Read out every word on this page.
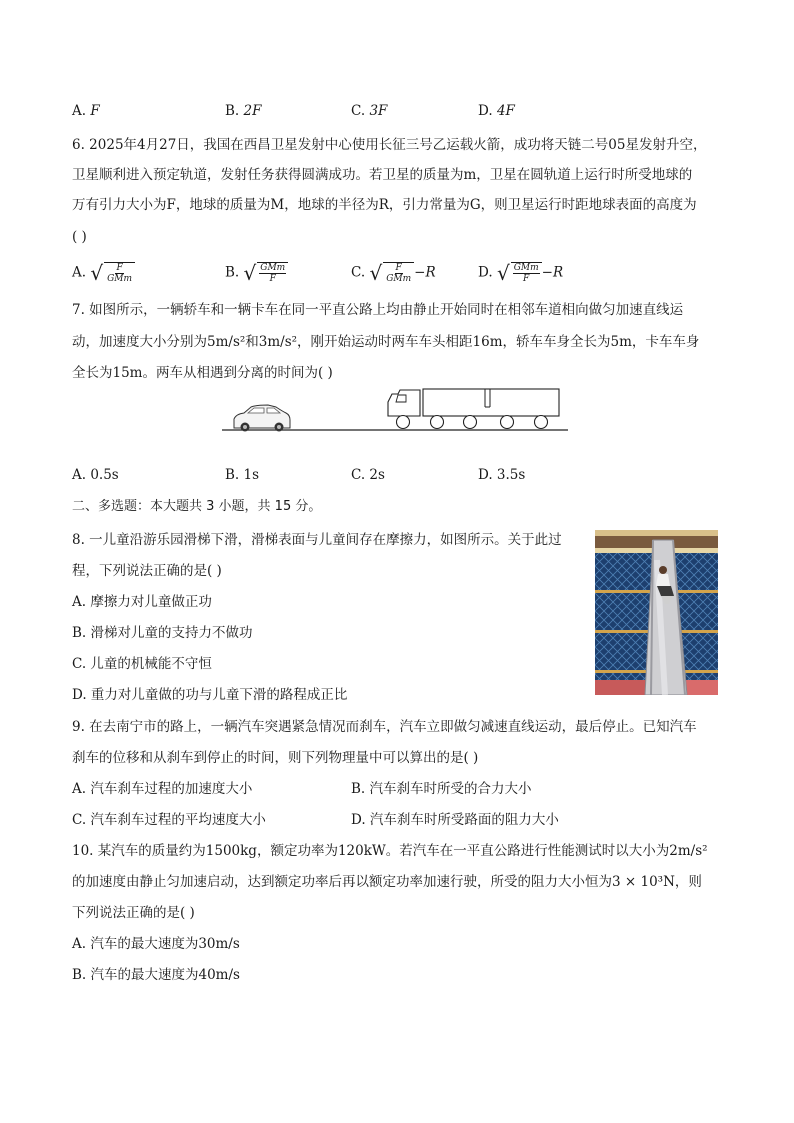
A. F	B. 2F	C. 3F	D. 4F
6. 2025年4月27日，我国在西昌卫星发射中心使用长征三号乙运载火箭，成功将天链二号05星发射升空，
卫星顺利进入预定轨道，发射任务获得圆满成功。若卫星的质量为m，卫星在圆轨道上运行时所受地球的
万有引力大小为F，地球的质量为M，地球的半径为R，引力常量为G，则卫星运行时距地球表面的高度为
( )
A. √ $\frac{F}{\text{GMm}}$	B. √ $\frac{\text{GMm}}{F}$	C. √ $\frac{F}{\text{GMm}} -R$	D. √ $\frac{\text{GMm}}{F} -R$
7. 如图所示，一辆轿车和一辆卡车在同一平直公路上均由静止开始同时在相邻车道相向做匀加速直线运
动，加速度大小分别为5m/s²和3m/s²，刚开始运动时两车车头相距16m，轿车车身全长为5m，卡车车身
全长为15m。两车从相遇到分离的时间为( )
A. 0.5s	B. 1s	C. 2s	D. 3.5s
二、多选题：本大题共 3 小题，共 15 分。
8. 一儿童沿游乐园滑梯下滑，滑梯表面与儿童间存在摩擦力，如图所示。关于此过
程，下列说法正确的是( )
A. 摩擦力对儿童做正功
B. 滑梯对儿童的支持力不做功
C. 儿童的机械能不守恒
D. 重力对儿童做的功与儿童下滑的路程成正比
9. 在去南宁市的路上，一辆汽车突遇紧急情况而刹车，汽车立即做匀减速直线运动，最后停止。已知汽车
刹车的位移和从刹车到停止的时间，则下列物理量中可以算出的是( )
A. 汽车刹车过程的加速度大小	B. 汽车刹车时所受的合力大小
C. 汽车刹车过程的平均速度大小	D. 汽车刹车时所受路面的阻力大小
10. 某汽车的质量约为1500kg，额定功率为120kW。若汽车在一平直公路进行性能测试时以大小为2m/s²
的加速度由静止匀加速启动，达到额定功率后再以额定功率加速行驶，所受的阻力大小恒为3 × 10³N，则
下列说法正确的是( )
A. 汽车的最大速度为30m/s
B. 汽车的最大速度为40m/s
